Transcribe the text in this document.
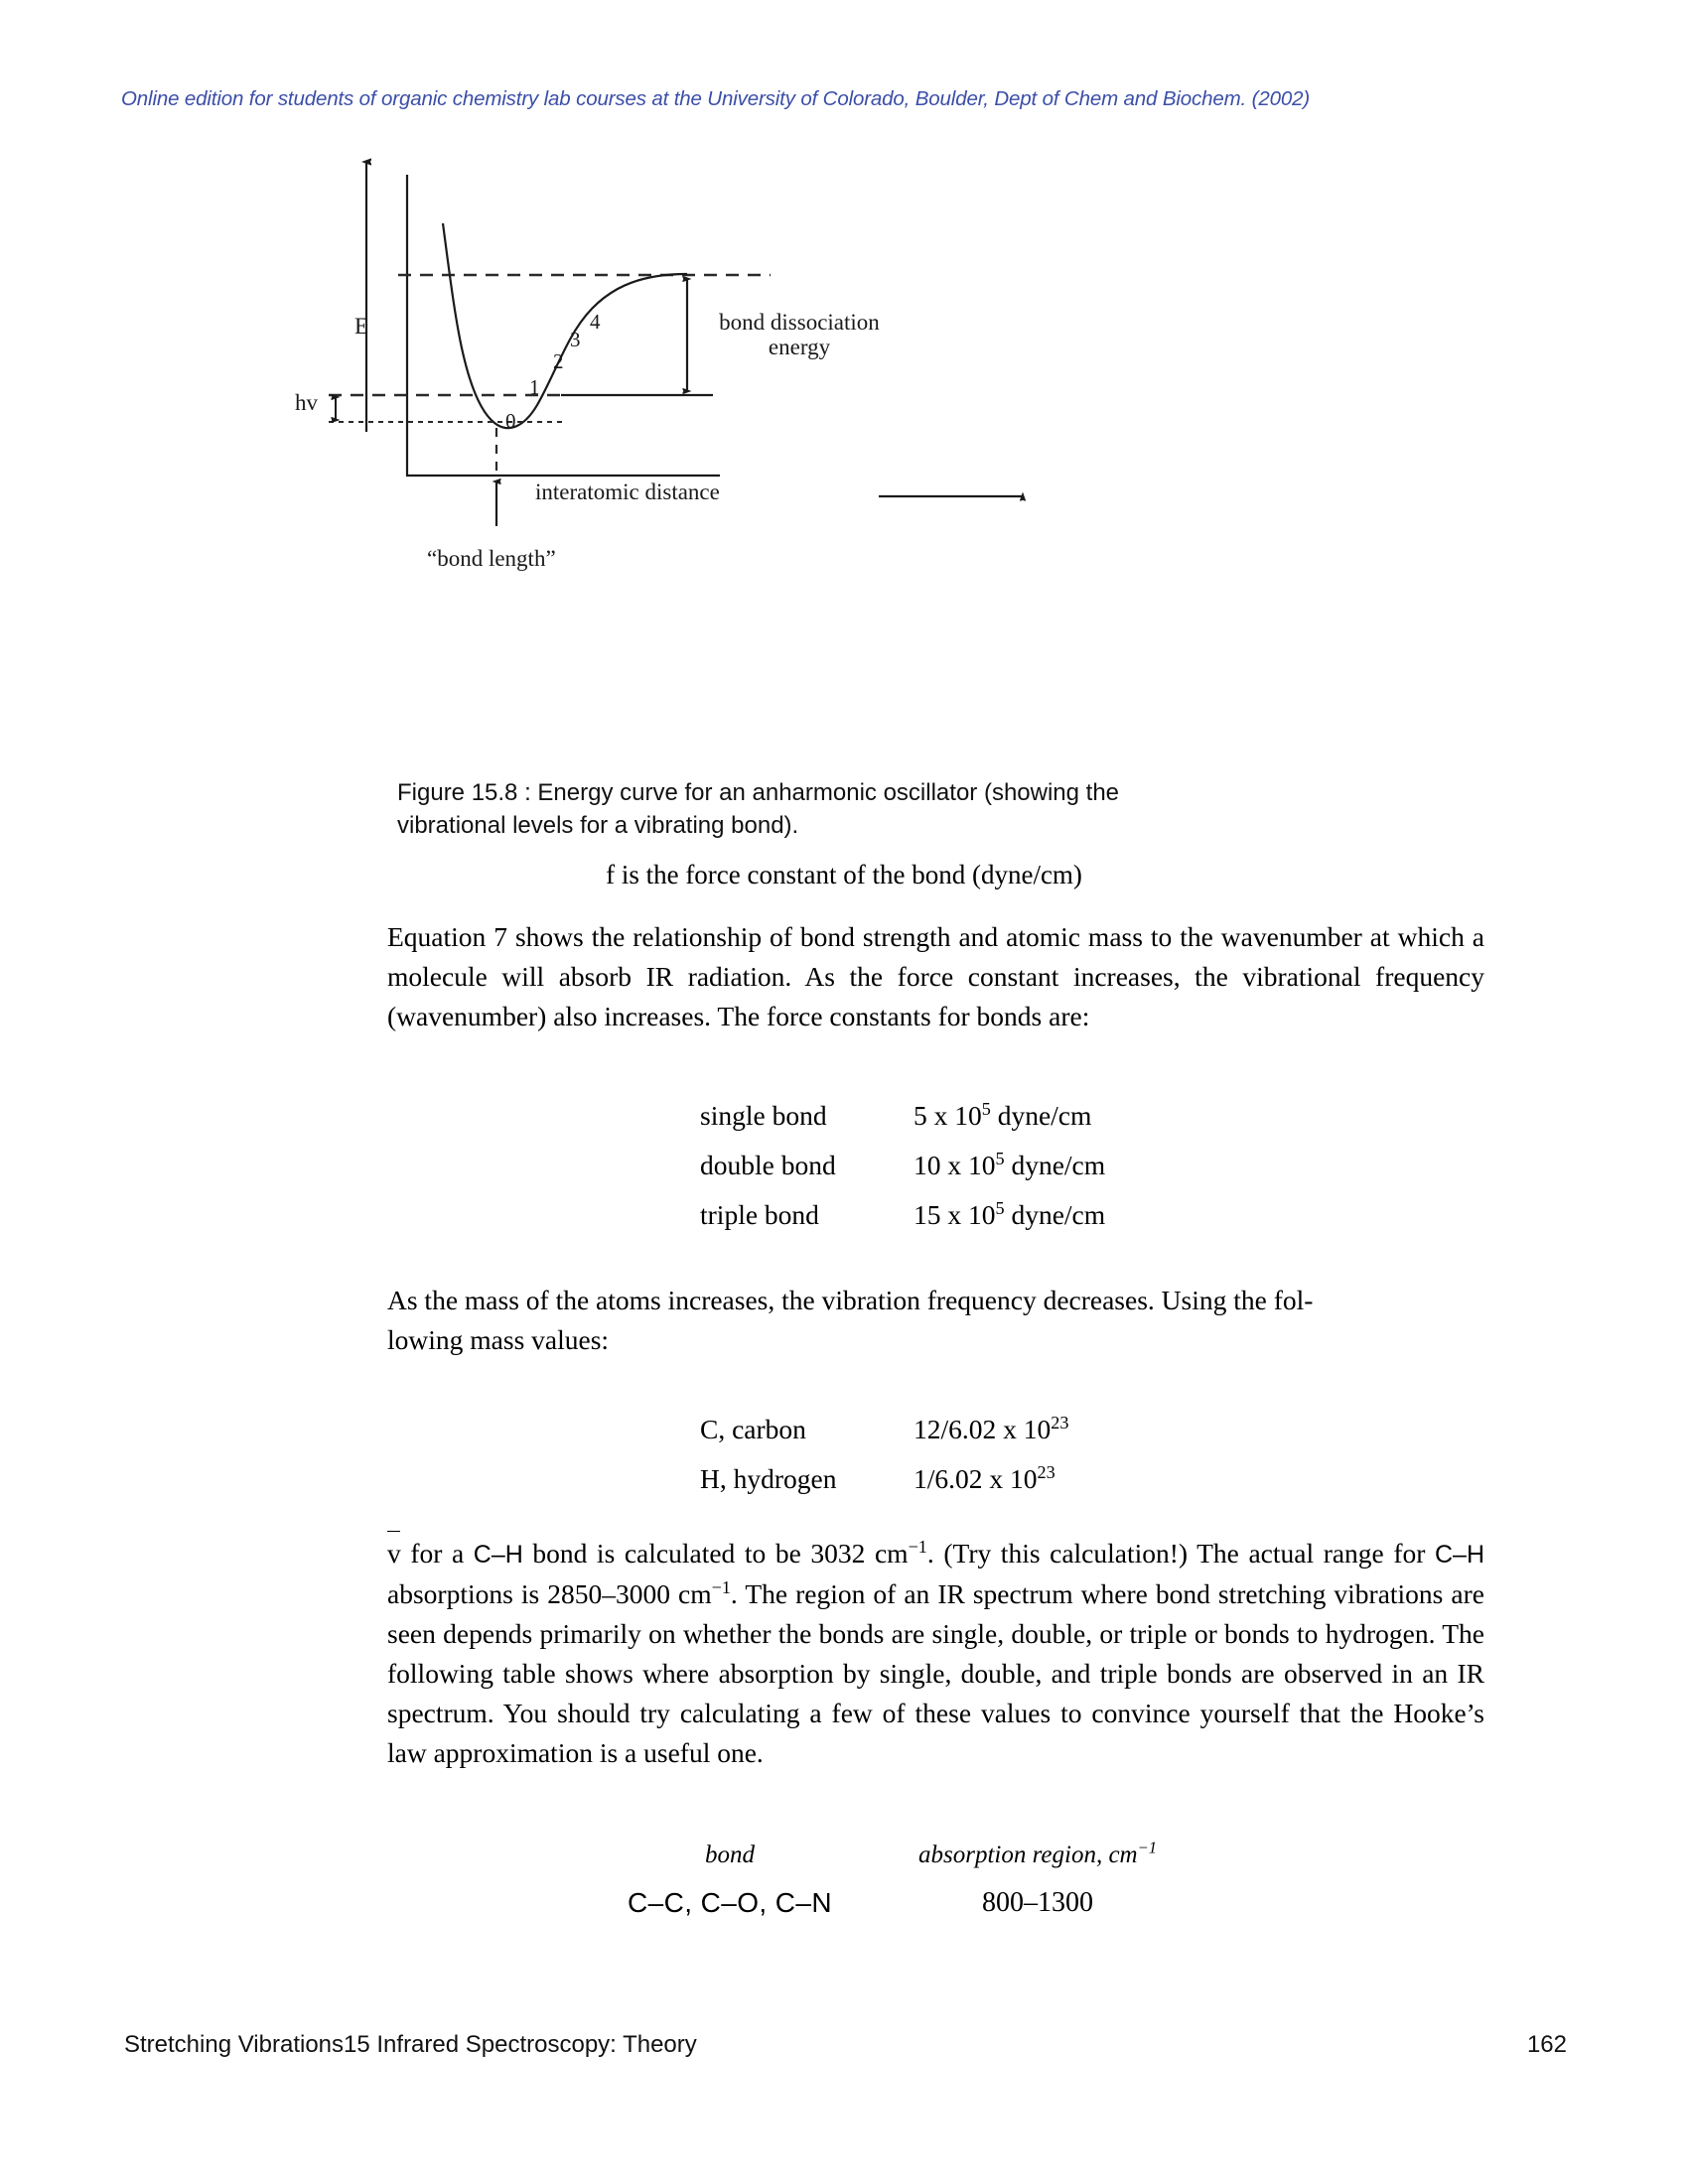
Online edition for students of organic chemistry lab courses at the University of Colorado, Boulder, Dept of Chem and Biochem. (2002)
E
hv
0
1
2
3
4	bond dissociation
energy
interatomic distance
“bond length”
Figure 15.8 : Energy curve for an anharmonic oscillator (showing the vibrational levels for a vibrating bond).
f is the force constant of the bond (dyne/cm)
Equation 7 shows the relationship of bond strength and atomic mass to the wavenumber at which a molecule will absorb IR radiation. As the force constant increases, the vibrational frequency (wavenumber) also increases. The force constants for bonds are:
single bond	5 x $10^5$ dyne/cm
double bond	10 x $10^5$ dyne/cm
triple bond	15 x $10^5$ dyne/cm
As the mass of the atoms increases, the vibration frequency decreases. Using the fol-
lowing mass values:
C, carbon	12/6.02 x $10^{23}$
H, hydrogen	1/6.02 x $10^{23}$
v for a C–H bond is calculated to be 3032 $cm^{-1}$. (Try this calculation!) The actual range for C–H absorptions is 2850–3000 $cm^{-1}$. The region of an IR spectrum where bond stretching vibrations are seen depends primarily on whether the bonds are single, double, or triple or bonds to hydrogen. The following table shows where absorption by single, double, and triple bonds are observed in an IR spectrum. You should try calculating a few of these values to convince yourself that the Hooke’s law approximation is a useful one.
bond	absorption region, $cm^{-1}$
C–C, C–O, C–N	800–1300
Stretching Vibrations15 Infrared Spectroscopy: Theory	162
